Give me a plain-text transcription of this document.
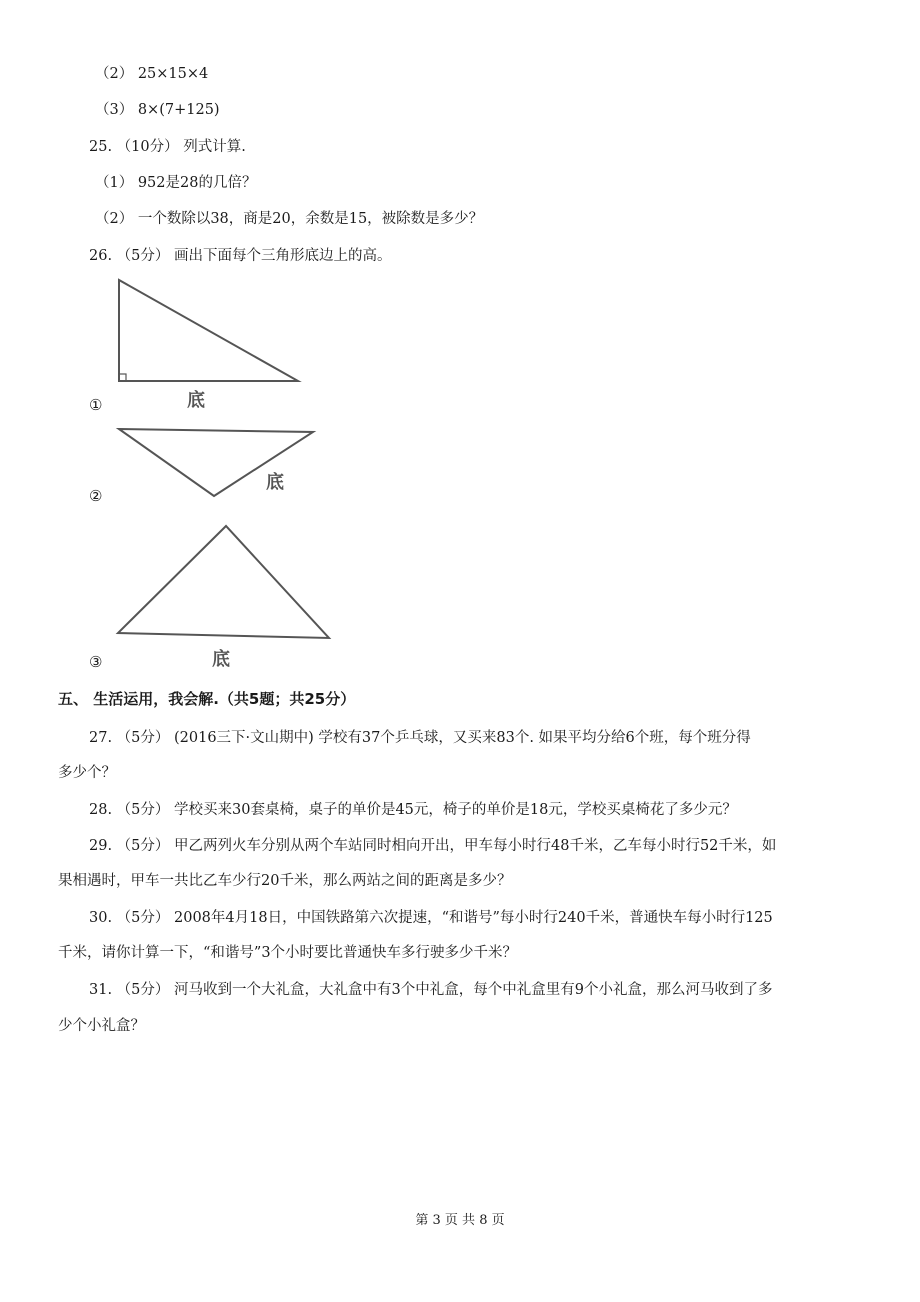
（2） 25×15×4
（3） 8×(7+125)
25. （10分） 列式计算.
（1） 952是28的几倍？
（2） 一个数除以38，商是20，余数是15，被除数是多少？
26. （5分） 画出下面每个三角形底边上的高。
底
①
底
②
底
③
五、 生活运用，我会解.（共5题；共25分）
27. （5分） (2016三下·文山期中) 学校有37个乒乓球，又买来83个. 如果平均分给6个班，每个班分得
多少个？
28. （5分） 学校买来30套桌椅，桌子的单价是45元，椅子的单价是18元，学校买桌椅花了多少元？
29. （5分） 甲乙两列火车分别从两个车站同时相向开出，甲车每小时行48千米，乙车每小时行52千米，如
果相遇时，甲车一共比乙车少行20千米，那么两站之间的距离是多少？
30. （5分） 2008年4月18日，中国铁路第六次提速，“和谐号”每小时行240千米，普通快车每小时行125
千米，请你计算一下，“和谐号”3个小时要比普通快车多行驶多少千米？
31. （5分） 河马收到一个大礼盒，大礼盒中有3个中礼盒，每个中礼盒里有9个小礼盒，那么河马收到了多
少个小礼盒？
第 3 页 共 8 页
